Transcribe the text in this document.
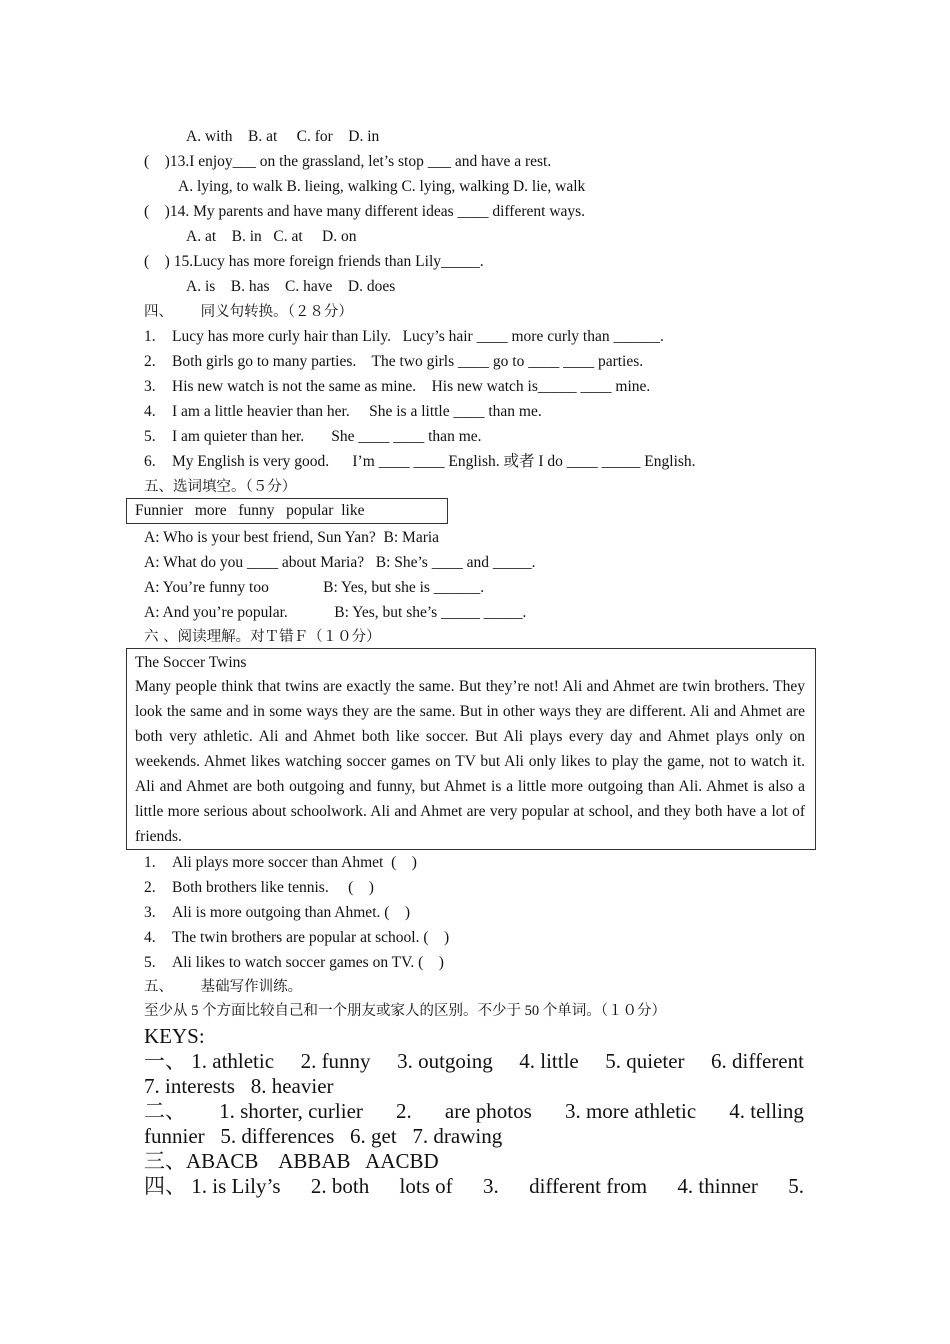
A. with    B. at     C. for    D. in
(    )13.I enjoy___ on the grassland, let’s stop ___ and have a rest.
A. lying, to walk B. lieing, walking C. lying, walking D. lie, walk
(    )14. My parents and have many different ideas ____ different ways.
A. at    B. in   C. at     D. on
(    ) 15.Lucy has more foreign friends than Lily_____.
A. is    B. has    C. have    D. does
四、      同义句转换。（２８分）
1. Lucy has more curly hair than Lily.   Lucy’s hair ____ more curly than ______.
2. Both girls go to many parties.    The two girls ____ go to ____ ____ parties.
3. His new watch is not the same as mine.    His new watch is_____ ____ mine.
4. I am a little heavier than her.     She is a little ____ than me.
5. I am quieter than her.       She ____ ____ than me.
6. My English is very good.      I’m ____ ____ English. 或者 I do ____ _____ English.
五、选词填空。（５分）
Funnier   more   funny   popular  like
A: Who is your best friend, Sun Yan?  B: Maria
A: What do you ____ about Maria?   B: She’s ____ and _____.
A: You’re funny too              B: Yes, but she is ______.
A: And you’re popular.            B: Yes, but she’s _____ _____.
六 、阅读理解。对Ｔ错Ｆ（１０分）
The Soccer Twins
Many people think that twins are exactly the same. But they’re not! Ali and Ahmet are twin brothers. They look the same and in some ways they are the same. But in other ways they are different. Ali and Ahmet are both very athletic. Ali and Ahmet both like soccer. But Ali plays every day and Ahmet plays only on weekends. Ahmet likes watching soccer games on TV but Ali only likes to play the game, not to watch it. Ali and Ahmet are both outgoing and funny, but Ahmet is a little more outgoing than Ali. Ahmet is also a little more serious about schoolwork. Ali and Ahmet are very popular at school, and they both have a lot of friends.
1. Ali plays more soccer than Ahmet  (    )
2. Both brothers like tennis.     (    )
3. Ali is more outgoing than Ahmet. (    )
4. The twin brothers are popular at school. (    )
5. Ali likes to watch soccer games on TV. (    )
五、      基础写作训练。
至少从 5 个方面比较自己和一个朋友或家人的区别。不少于 50 个单词。（１０分）
KEYS:
一、 1. athletic 2. funny 3. outgoing 4. little 5. quieter 6. different
7. interests   8. heavier
二、 1. shorter, curlier 2. are photos 3. more athletic 4. telling
funnier   5. differences   6. get   7. drawing
三、ABACB    ABBAB   AACBD
四、 1. is Lily’s 2. both lots of 3. different from 4. thinner 5.
